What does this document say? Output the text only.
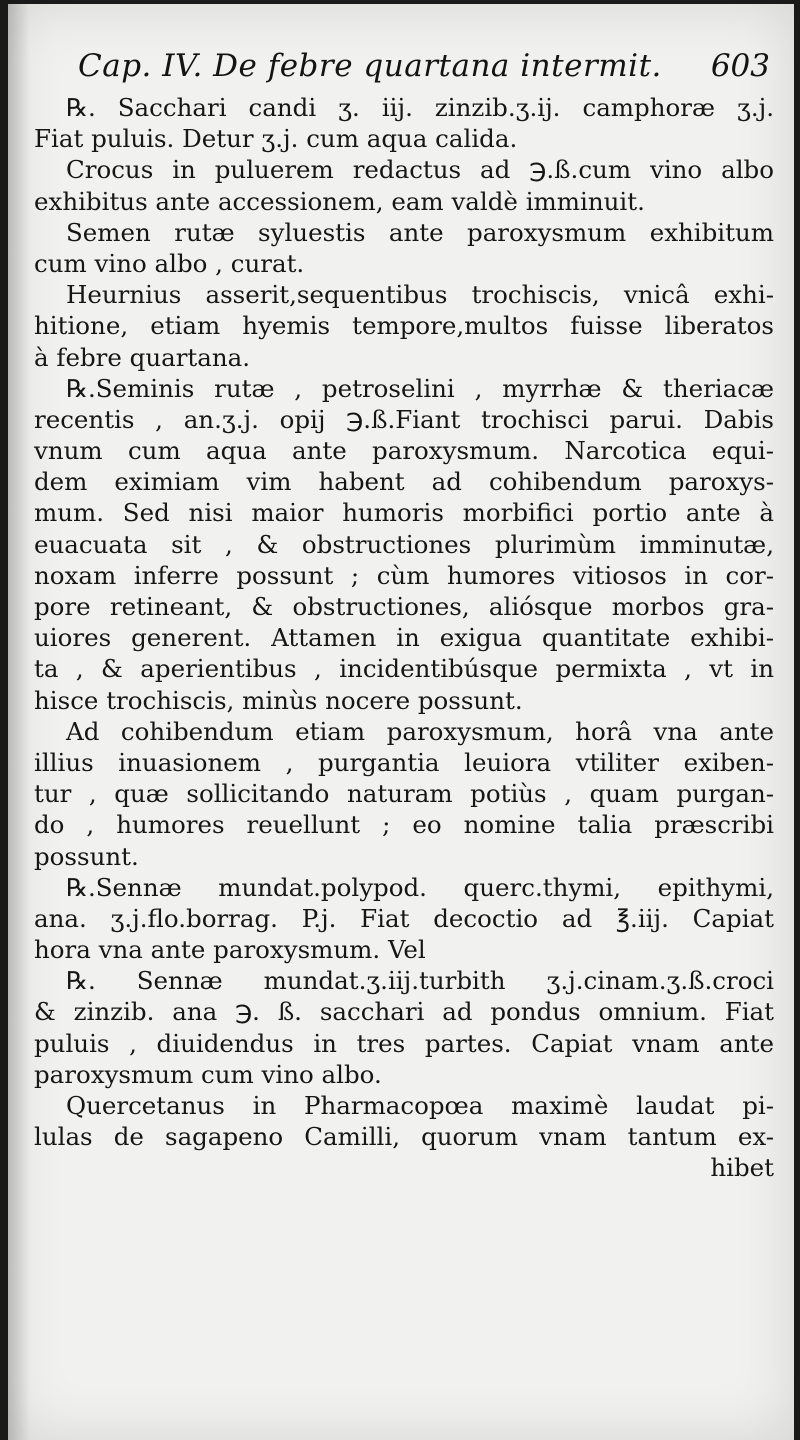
Cap. IV. De febre quartana intermit. 603
℞. Sacchari candi ʒ. iij. zinzib.ʒ.ij. camphoræ ʒ.j.
Fiat puluis. Detur ʒ.j. cum aqua calida.
Crocus in puluerem redactus ad ℈.ß.cum vino albo
exhibitus ante accessionem, eam valdè imminuit.
Semen rutæ syluestis ante paroxysmum exhibitum
cum vino albo , curat.
Heurnius asserit,sequentibus trochiscis, vnicâ exhi-
hitione, etiam hyemis tempore,multos fuisse liberatos
à febre quartana.
℞.Seminis rutæ , petroselini , myrrhæ & theriacæ
recentis , an.ʒ.j. opij ℈.ß.Fiant trochisci parui. Dabis
vnum cum aqua ante paroxysmum. Narcotica equi-
dem eximiam vim habent ad cohibendum paroxys-
mum. Sed nisi maior humoris morbifici portio ante à
euacuata sit , & obstructiones plurimùm imminutæ,
noxam inferre possunt ; cùm humores vitiosos in cor-
pore retineant, & obstructiones, aliósque morbos gra-
uiores generent. Attamen in exigua quantitate exhibi-
ta , & aperientibus , incidentibúsque permixta , vt in
hisce trochiscis, minùs nocere possunt.
Ad cohibendum etiam paroxysmum, horâ vna ante
illius inuasionem , purgantia leuiora vtiliter exiben-
tur , quæ sollicitando naturam potiùs , quam purgan-
do , humores reuellunt ; eo nomine talia præscribi
possunt.
℞.Sennæ mundat.polypod. querc.thymi, epithymi,
ana. ʒ.j.flo.borrag. P.j. Fiat decoctio ad ℥.iij. Capiat
hora vna ante paroxysmum. Vel
℞. Sennæ mundat.ʒ.iij.turbith ʒ.j.cinam.ʒ.ß.croci
& zinzib. ana ℈. ß. sacchari ad pondus omnium. Fiat
puluis , diuidendus in tres partes. Capiat vnam ante
paroxysmum cum vino albo.
Quercetanus in Pharmacopœa maximè laudat pi-
lulas de sagapeno Camilli, quorum vnam tantum ex-
hibet
